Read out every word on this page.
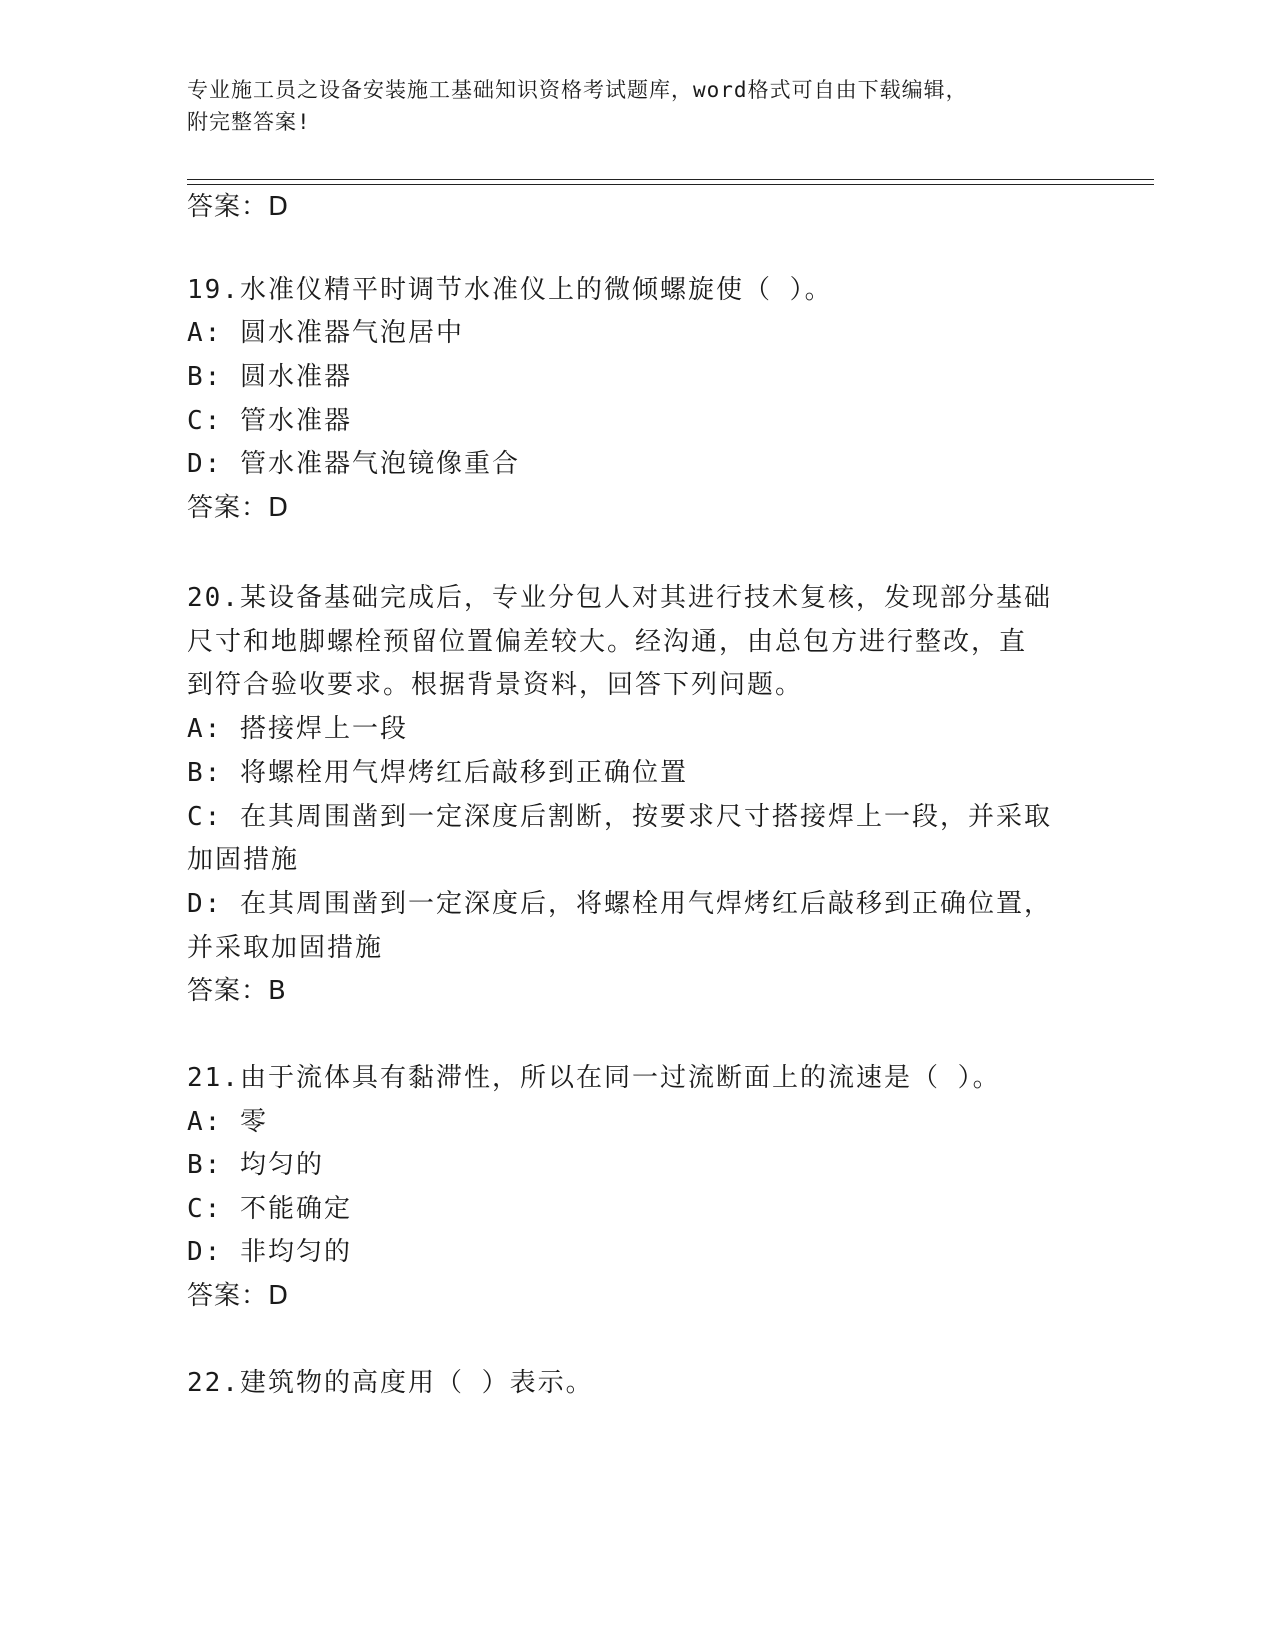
专业施工员之设备安装施工基础知识资格考试题库，word格式可自由下载编辑，
附完整答案!
答案：D
19.水准仪精平时调节水准仪上的微倾螺旋使（ ）。
A: 圆水准器气泡居中
B: 圆水准器
C: 管水准器
D: 管水准器气泡镜像重合
答案：D
20.某设备基础完成后，专业分包人对其进行技术复核，发现部分基础
尺寸和地脚螺栓预留位置偏差较大。经沟通，由总包方进行整改，直
到符合验收要求。根据背景资料，回答下列问题。
A: 搭接焊上一段
B: 将螺栓用气焊烤红后敲移到正确位置
C: 在其周围凿到一定深度后割断，按要求尺寸搭接焊上一段，并采取
加固措施
D: 在其周围凿到一定深度后，将螺栓用气焊烤红后敲移到正确位置，
并采取加固措施
答案：B
21.由于流体具有黏滞性，所以在同一过流断面上的流速是（ ）。
A: 零
B: 均匀的
C: 不能确定
D: 非均匀的
答案：D
22.建筑物的高度用（ ）表示。
